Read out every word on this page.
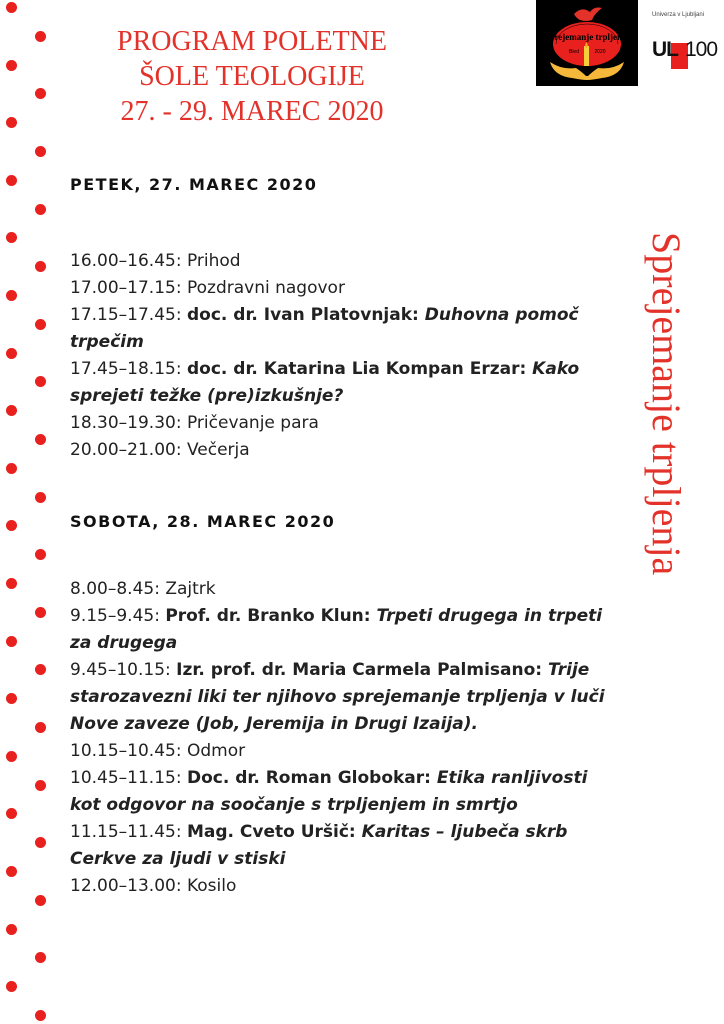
PROGRAM POLETNE
ŠOLE TEOLOGIJE
27. - 29. MAREC 2020
Sprejemanje trpljenja
Bled	2020
Univerza v Ljubljani
UL 100
Sprejemanje trpljenja
PETEK, 27. MAREC 2020
16.00–16.45: Prihod
17.00–17.15: Pozdravni nagovor
17.15–17.45: doc. dr. Ivan Platovnjak: Duhovna pomoč trpečim
17.45–18.15: doc. dr. Katarina Lia Kompan Erzar: Kako sprejeti težke (pre)izkušnje?
18.30–19.30: Pričevanje para
20.00–21.00: Večerja
SOBOTA, 28. MAREC 2020
8.00–8.45: Zajtrk
9.15–9.45: Prof. dr. Branko Klun: Trpeti drugega in trpeti za drugega
9.45–10.15: Izr. prof. dr. Maria Carmela Palmisano: Trije starozavezni liki ter njihovo sprejemanje trpljenja v luči Nove zaveze (Job, Jeremija in Drugi Izaija).
10.15–10.45: Odmor
10.45–11.15: Doc. dr. Roman Globokar: Etika ranljivosti kot odgovor na soočanje s trpljenjem in smrtjo
11.15–11.45: Mag. Cveto Uršič: Karitas – ljubeča skrb Cerkve za ljudi v stiski
12.00–13.00: Kosilo
